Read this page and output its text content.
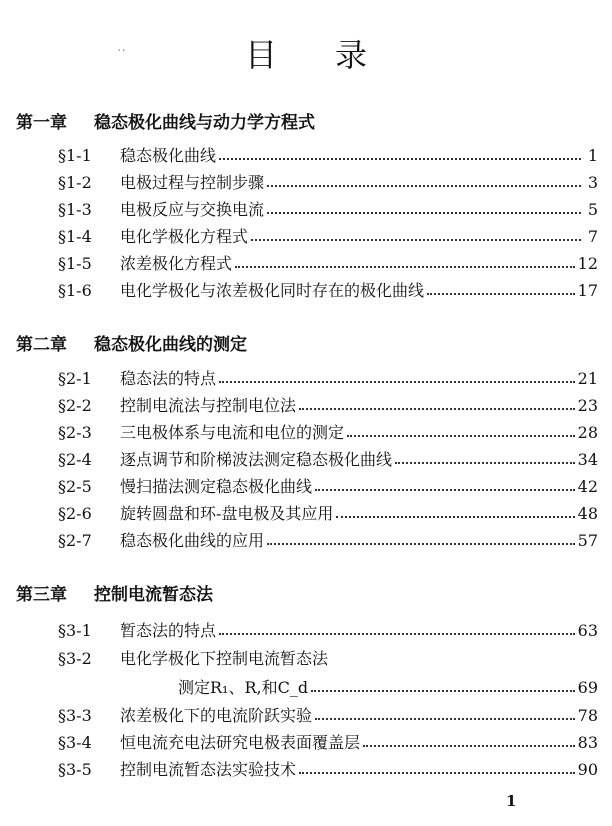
目录
' '
第一章 稳态极化曲线与动力学方程式
§1-1	稳态极化曲线	1
§1-2	电极过程与控制步骤	3
§1-3	电极反应与交换电流	5
§1-4	电化学极化方程式	7
§1-5	浓差极化方程式	12
§1-6	电化学极化与浓差极化同时存在的极化曲线	17
第二章 稳态极化曲线的测定
§2-1	稳态法的特点	21
§2-2	控制电流法与控制电位法	23
§2-3	三电极体系与电流和电位的测定	28
§2-4	逐点调节和阶梯波法测定稳态极化曲线	34
§2-5	慢扫描法测定稳态极化曲线	42
§2-6	旋转圆盘和环-盘电极及其应用	48
§2-7	稳态极化曲线的应用	57
第三章 控制电流暂态法
§3-1	暂态法的特点	63
§3-2	电化学极化下控制电流暂态法
测定R₁、R,和C_d	69
§3-3	浓差极化下的电流阶跃实验	78
§3-4	恒电流充电法研究电极表面覆盖层	83
§3-5	控制电流暂态法实验技术	90
1
